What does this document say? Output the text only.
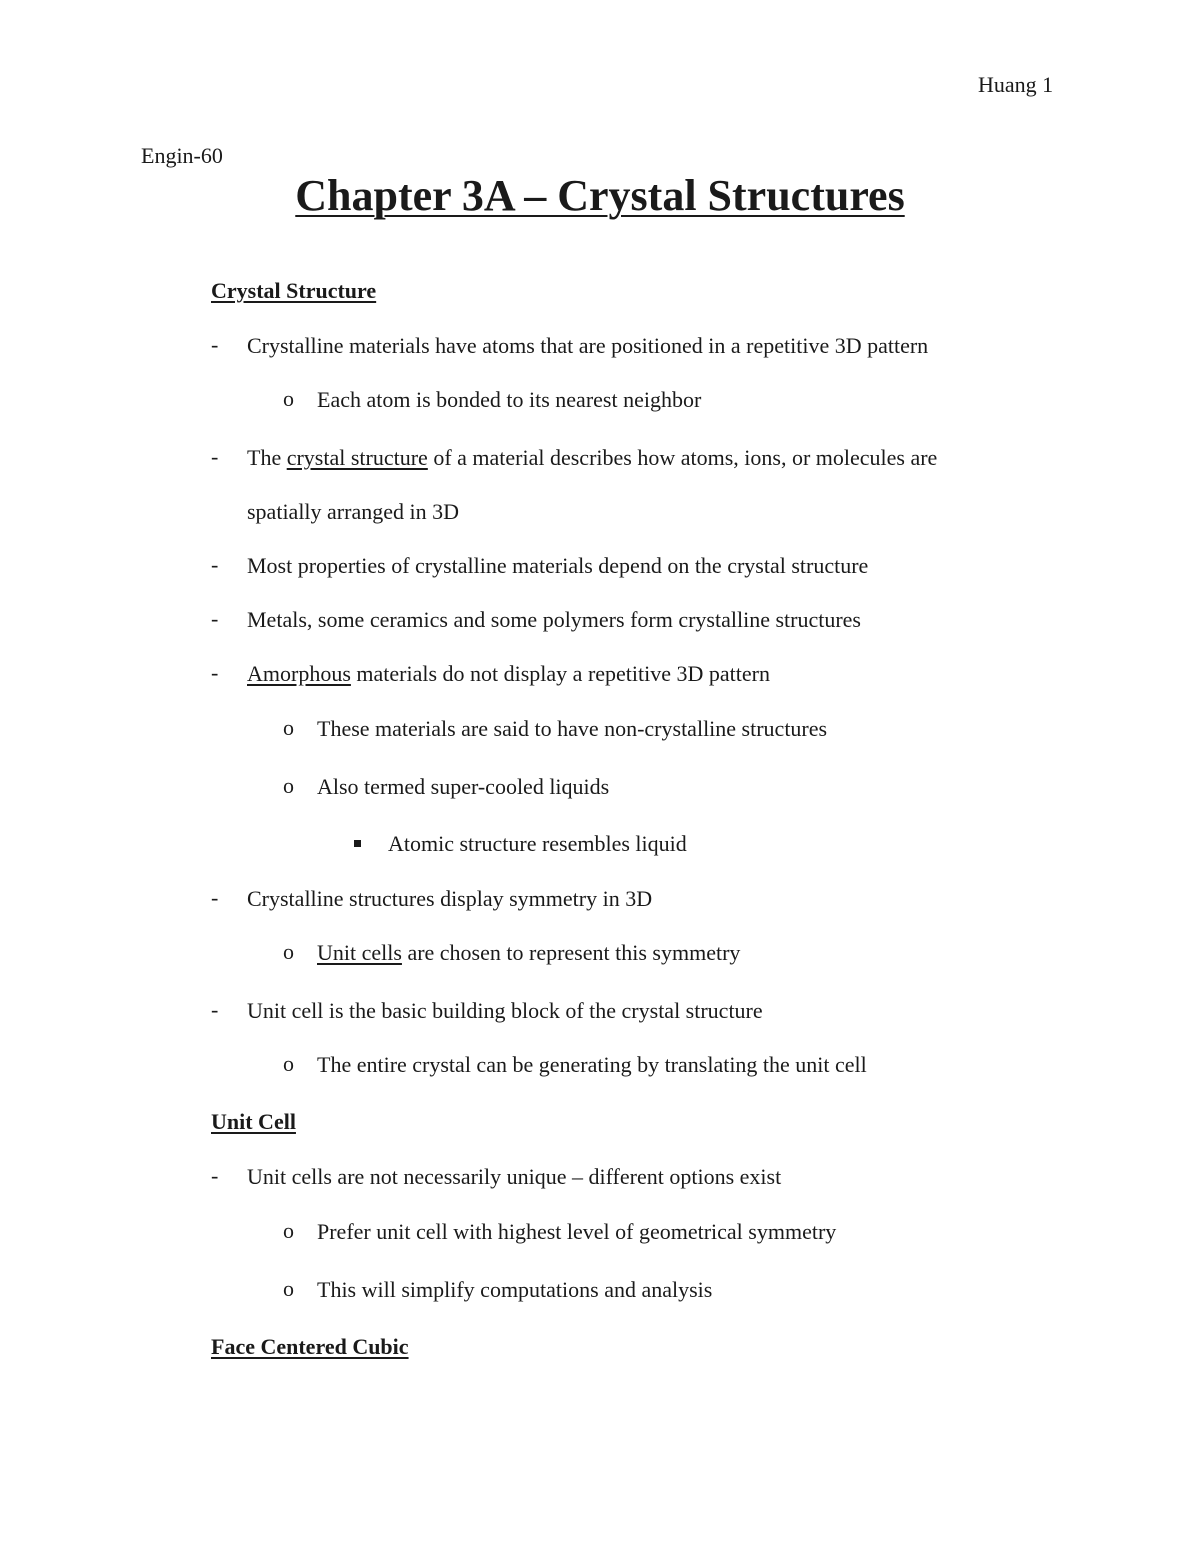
Huang 1
Engin-60
Chapter 3A – Crystal Structures
Crystal Structure
- Crystalline materials have atoms that are positioned in a repetitive 3D pattern
o Each atom is bonded to its nearest neighbor
- The crystal structure of a material describes how atoms, ions, or molecules are
spatially arranged in 3D
- Most properties of crystalline materials depend on the crystal structure
- Metals, some ceramics and some polymers form crystalline structures
- Amorphous materials do not display a repetitive 3D pattern
o These materials are said to have non-crystalline structures
o Also termed super-cooled liquids
Atomic structure resembles liquid
- Crystalline structures display symmetry in 3D
o Unit cells are chosen to represent this symmetry
- Unit cell is the basic building block of the crystal structure
o The entire crystal can be generating by translating the unit cell
Unit Cell
- Unit cells are not necessarily unique – different options exist
o Prefer unit cell with highest level of geometrical symmetry
o This will simplify computations and analysis
Face Centered Cubic
